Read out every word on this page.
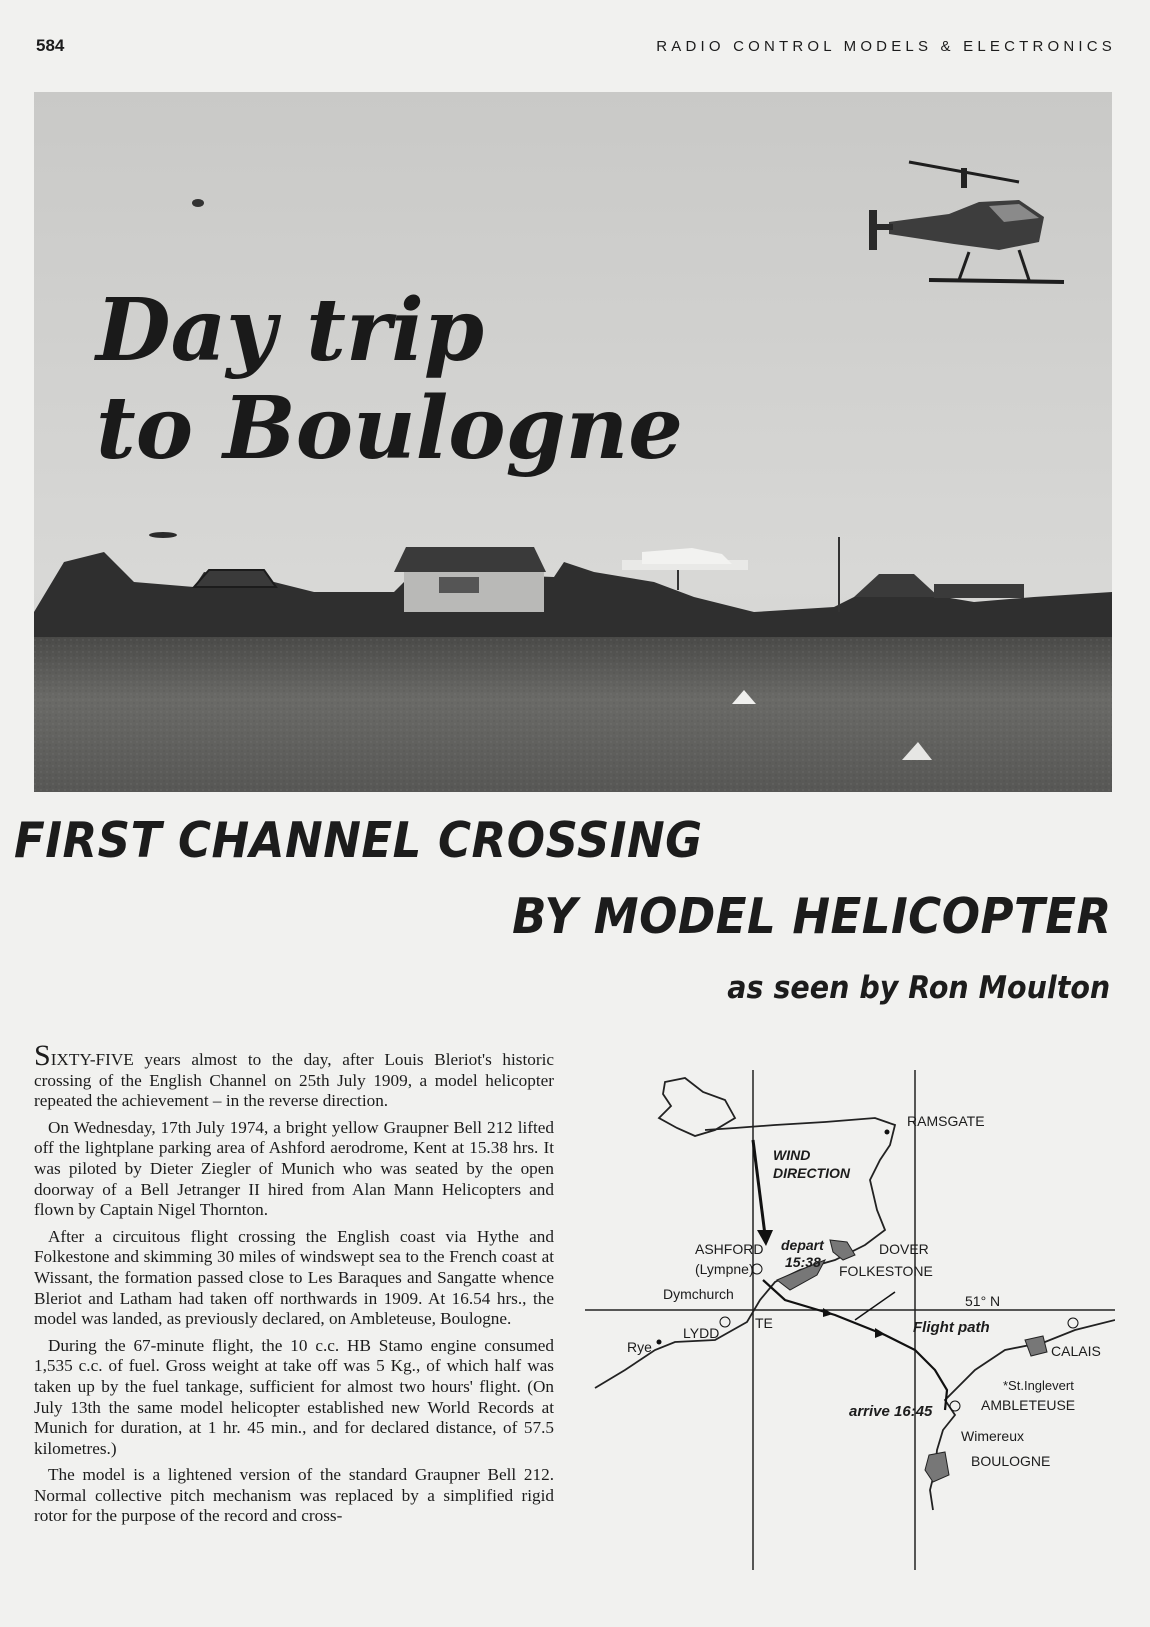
584	RADIO CONTROL MODELS & ELECTRONICS
Day trip
to Boulogne
FIRST CHANNEL CROSSING
BY MODEL HELICOPTER
as seen by Ron Moulton

SIXTY-FIVE years almost to the day, after Louis Bleriot's historic crossing of the English Channel on 25th July 1909, a model helicopter repeated the achievement – in the reverse direction.

On Wednesday, 17th July 1974, a bright yellow Graupner Bell 212 lifted off the lightplane parking area of Ashford aerodrome, Kent at 15.38 hrs. It was piloted by Dieter Ziegler of Munich who was seated by the open doorway of a Bell Jetranger II hired from Alan Mann Helicopters and flown by Captain Nigel Thornton.

After a circuitous flight crossing the English coast via Hythe and Folkestone and skimming 30 miles of windswept sea to the French coast at Wissant, the formation passed close to Les Baraques and Sangatte whence Bleriot and Latham had taken off northwards in 1909. At 16.54 hrs., the model was landed, as previously declared, on Ambleteuse, Boulogne.

During the 67-minute flight, the 10 c.c. HB Stamo engine consumed 1,535 c.c. of fuel. Gross weight at take off was 5 Kg., of which half was taken up by the fuel tankage, sufficient for almost two hours' flight. (On July 13th the same model helicopter established new World Records at Munich for duration, at 1 hr. 45 min., and for declared distance, of 57.5 kilometres.)

The model is a lightened version of the standard Graupner Bell 212. Normal collective pitch mechanism was replaced by a simplified rigid rotor for the purpose of the record and cross-

RAMSGATE
WIND
DIRECTION
ASHFORD
(Lympne)
depart
15:38
DOVER
FOLKESTONE
Dymchurch	51° N
TE	Flight path
Rye
LYDD
CALAIS
*St.Inglevert
arrive 16:45	AMBLETEUSE
Wimereux
BOULOGNE
